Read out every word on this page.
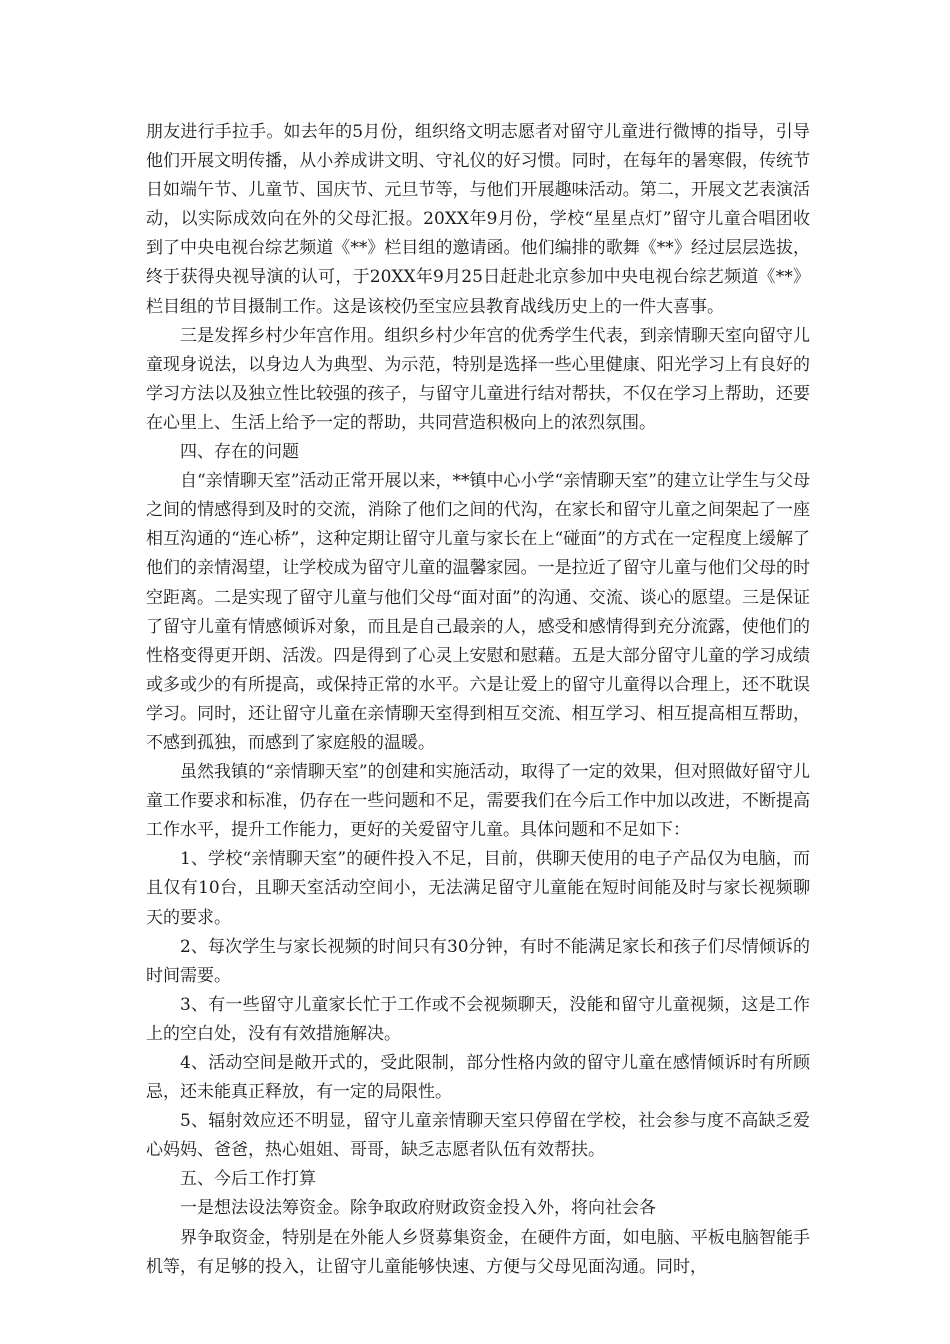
朋友进行手拉手。如去年的5月份，组织络文明志愿者对留守儿童进行微博的指导，引导他们开展文明传播，从小养成讲文明、守礼仪的好习惯。同时，在每年的暑寒假，传统节日如端午节、儿童节、国庆节、元旦节等，与他们开展趣味活动。第二，开展文艺表演活动，以实际成效向在外的父母汇报。20XX年9月份，学校“星星点灯”留守儿童合唱团收到了中央电视台综艺频道《**》栏目组的邀请函。他们编排的歌舞《**》经过层层选拔，终于获得央视导演的认可，于20XX年9月25日赶赴北京参加中央电视台综艺频道《**》栏目组的节目摄制工作。这是该校仍至宝应县教育战线历史上的一件大喜事。

三是发挥乡村少年宫作用。组织乡村少年宫的优秀学生代表，到亲情聊天室向留守儿童现身说法，以身边人为典型、为示范，特别是选择一些心里健康、阳光学习上有良好的学习方法以及独立性比较强的孩子，与留守儿童进行结对帮扶，不仅在学习上帮助，还要在心里上、生活上给予一定的帮助，共同营造积极向上的浓烈氛围。

四、存在的问题

自“亲情聊天室”活动正常开展以来，**镇中心小学“亲情聊天室”的建立让学生与父母之间的情感得到及时的交流，消除了他们之间的代沟，在家长和留守儿童之间架起了一座相互沟通的“连心桥”，这种定期让留守儿童与家长在上“碰面”的方式在一定程度上缓解了他们的亲情渴望，让学校成为留守儿童的温馨家园。一是拉近了留守儿童与他们父母的时空距离。二是实现了留守儿童与他们父母“面对面”的沟通、交流、谈心的愿望。三是保证了留守儿童有情感倾诉对象，而且是自己最亲的人，感受和感情得到充分流露，使他们的性格变得更开朗、活泼。四是得到了心灵上安慰和慰藉。五是大部分留守儿童的学习成绩或多或少的有所提高，或保持正常的水平。六是让爱上的留守儿童得以合理上，还不耽误学习。同时，还让留守儿童在亲情聊天室得到相互交流、相互学习、相互提高相互帮助，不感到孤独，而感到了家庭般的温暖。

虽然我镇的“亲情聊天室”的创建和实施活动，取得了一定的效果，但对照做好留守儿童工作要求和标准，仍存在一些问题和不足，需要我们在今后工作中加以改进，不断提高工作水平，提升工作能力，更好的关爱留守儿童。具体问题和不足如下：

1、学校“亲情聊天室”的硬件投入不足，目前，供聊天使用的电子产品仅为电脑，而且仅有10台，且聊天室活动空间小，无法满足留守儿童能在短时间能及时与家长视频聊天的要求。

2、每次学生与家长视频的时间只有30分钟，有时不能满足家长和孩子们尽情倾诉的时间需要。

3、有一些留守儿童家长忙于工作或不会视频聊天，没能和留守儿童视频，这是工作上的空白处，没有有效措施解决。

4、活动空间是敞开式的，受此限制，部分性格内敛的留守儿童在感情倾诉时有所顾忌，还未能真正释放，有一定的局限性。

5、辐射效应还不明显，留守儿童亲情聊天室只停留在学校，社会参与度不高缺乏爱心妈妈、爸爸，热心姐姐、哥哥，缺乏志愿者队伍有效帮扶。

五、今后工作打算

一是想法设法筹资金。除争取政府财政资金投入外，将向社会各

界争取资金，特别是在外能人乡贤募集资金，在硬件方面，如电脑、平板电脑智能手机等，有足够的投入，让留守儿童能够快速、方便与父母见面沟通。同时，
